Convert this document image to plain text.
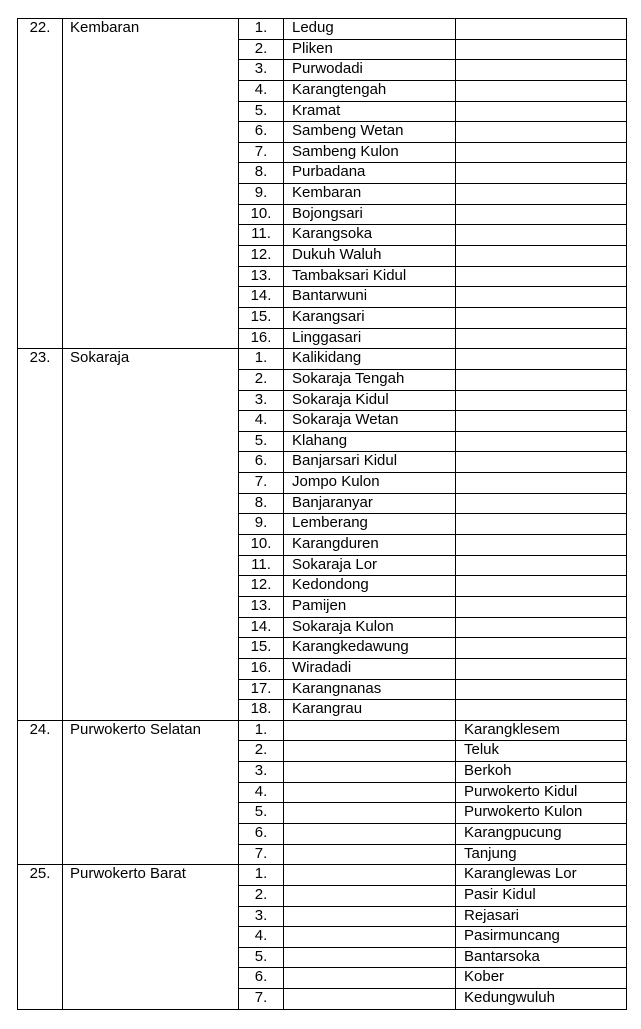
22.	Kembaran	1.	Ledug	
		2.	Pliken	
		3.	Purwodadi	
		4.	Karangtengah	
		5.	Kramat	
		6.	Sambeng Wetan	
		7.	Sambeng Kulon	
		8.	Purbadana	
		9.	Kembaran	
		10.	Bojongsari	
		11.	Karangsoka	
		12.	Dukuh Waluh	
		13.	Tambaksari Kidul	
		14.	Bantarwuni	
		15.	Karangsari	
		16.	Linggasari	
23.	Sokaraja	1.	Kalikidang	
		2.	Sokaraja Tengah	
		3.	Sokaraja Kidul	
		4.	Sokaraja Wetan	
		5.	Klahang	
		6.	Banjarsari Kidul	
		7.	Jompo Kulon	
		8.	Banjaranyar	
		9.	Lemberang	
		10.	Karangduren	
		11.	Sokaraja Lor	
		12.	Kedondong	
		13.	Pamijen	
		14.	Sokaraja Kulon	
		15.	Karangkedawung	
		16.	Wiradadi	
		17.	Karangnanas	
		18.	Karangrau	
24.	Purwokerto Selatan	1.		Karangklesem
		2.		Teluk
		3.		Berkoh
		4.		Purwokerto Kidul
		5.		Purwokerto Kulon
		6.		Karangpucung
		7.		Tanjung
25.	Purwokerto Barat	1.		Karanglewas Lor
		2.		Pasir Kidul
		3.		Rejasari
		4.		Pasirmuncang
		5.		Bantarsoka
		6.		Kober
		7.		Kedungwuluh
